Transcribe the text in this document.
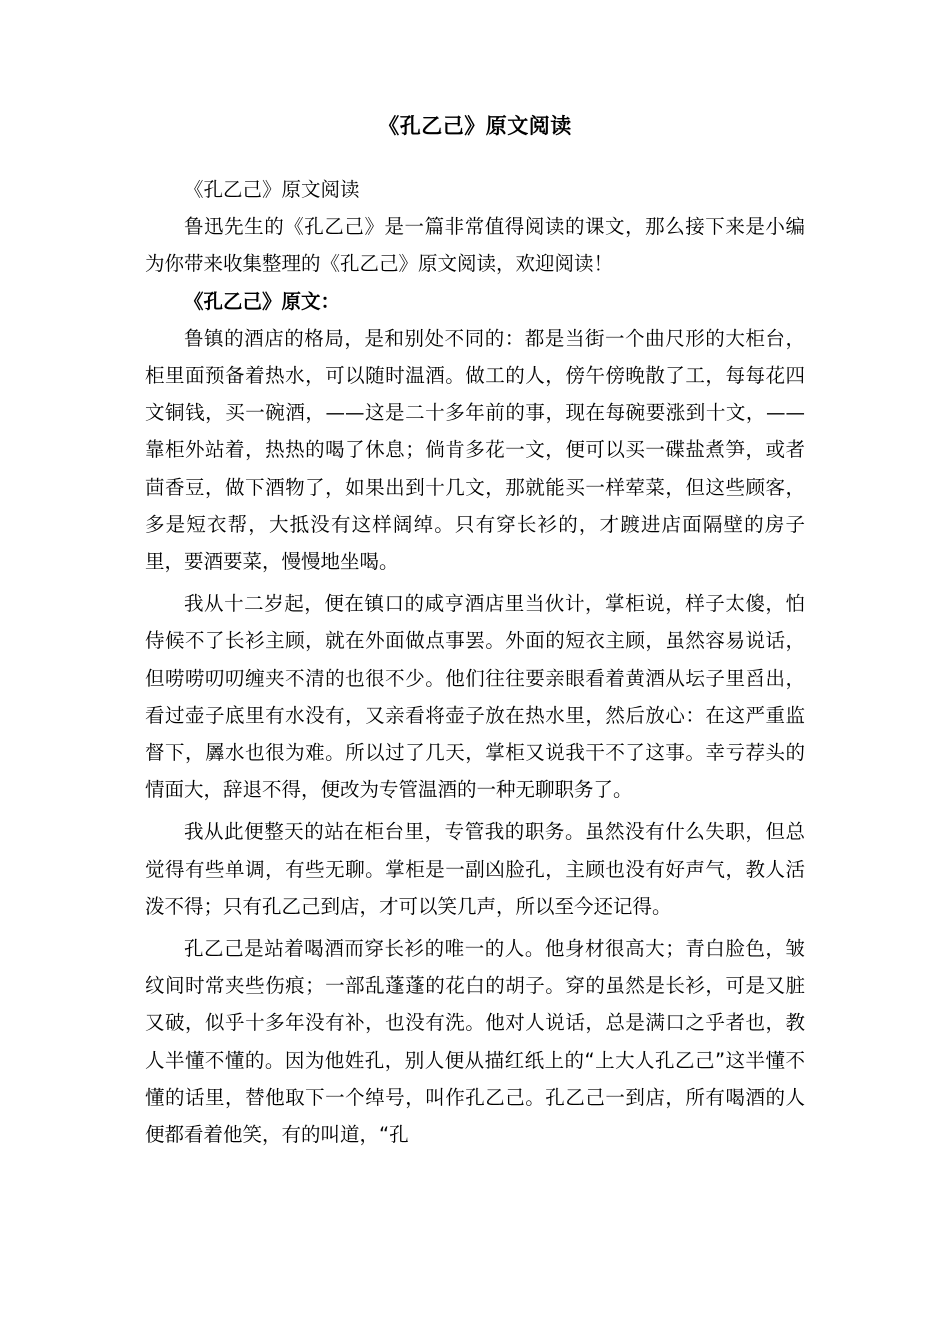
《孔乙己》原文阅读

《孔乙己》原文阅读

鲁迅先生的《孔乙己》是一篇非常值得阅读的课文，那么接下来是小编为你带来收集整理的《孔乙己》原文阅读，欢迎阅读！

《孔乙己》原文：

鲁镇的酒店的格局，是和别处不同的：都是当街一个曲尺形的大柜台，柜里面预备着热水，可以随时温酒。做工的人，傍午傍晚散了工，每每花四文铜钱，买一碗酒，——这是二十多年前的事，现在每碗要涨到十文，——靠柜外站着，热热的喝了休息；倘肯多花一文，便可以买一碟盐煮笋，或者茴香豆，做下酒物了，如果出到十几文，那就能买一样荤菜，但这些顾客，多是短衣帮，大抵没有这样阔绰。只有穿长衫的，才踱进店面隔壁的房子里，要酒要菜，慢慢地坐喝。

我从十二岁起，便在镇口的咸亨酒店里当伙计，掌柜说，样子太傻，怕侍候不了长衫主顾，就在外面做点事罢。外面的短衣主顾，虽然容易说话，但唠唠叨叨缠夹不清的也很不少。他们往往要亲眼看着黄酒从坛子里舀出，看过壶子底里有水没有，又亲看将壶子放在热水里，然后放心：在这严重监督下，羼水也很为难。所以过了几天，掌柜又说我干不了这事。幸亏荐头的情面大，辞退不得，便改为专管温酒的一种无聊职务了。

我从此便整天的站在柜台里，专管我的职务。虽然没有什么失职，但总觉得有些单调，有些无聊。掌柜是一副凶脸孔，主顾也没有好声气，教人活泼不得；只有孔乙己到店，才可以笑几声，所以至今还记得。

孔乙己是站着喝酒而穿长衫的唯一的人。他身材很高大；青白脸色，皱纹间时常夹些伤痕；一部乱蓬蓬的花白的胡子。穿的虽然是长衫，可是又脏又破，似乎十多年没有补，也没有洗。他对人说话，总是满口之乎者也，教人半懂不懂的。因为他姓孔，别人便从描红纸上的“上大人孔乙己”这半懂不懂的话里，替他取下一个绰号，叫作孔乙己。孔乙己一到店，所有喝酒的人便都看着他笑，有的叫道，“孔
